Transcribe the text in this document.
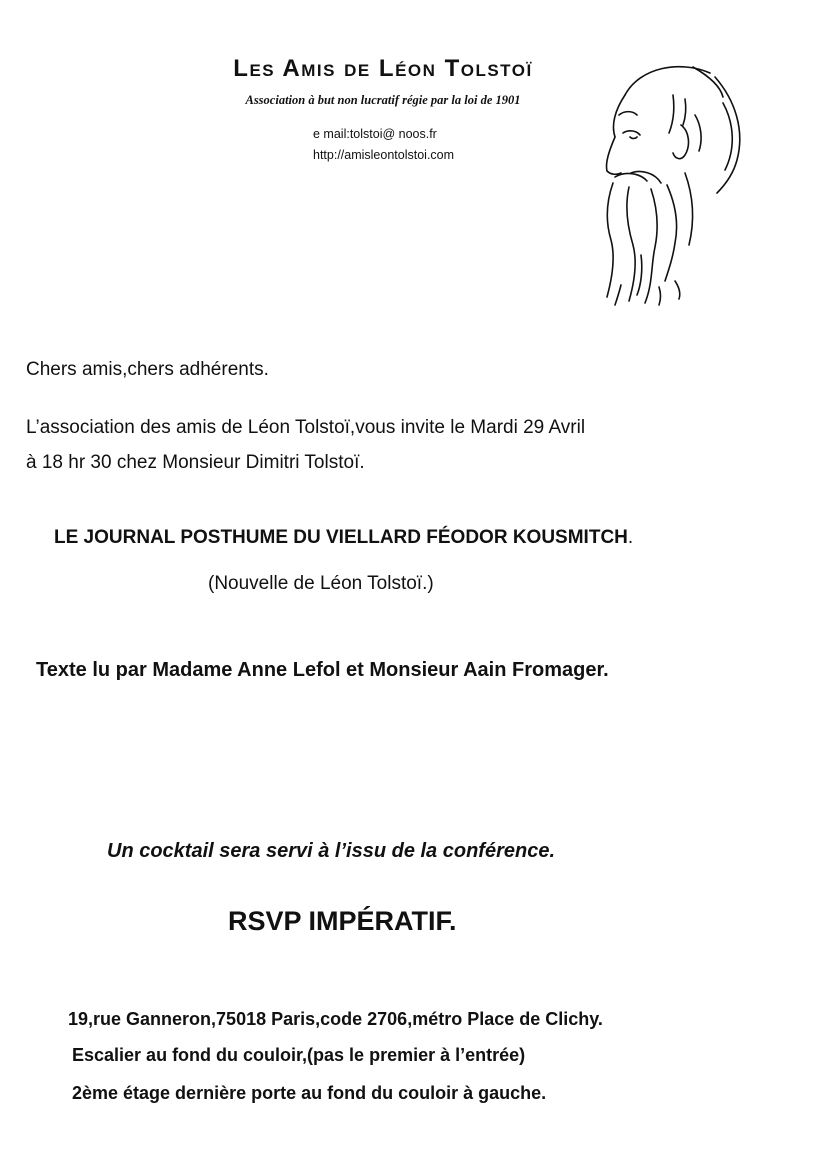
Les Amis de Léon Tolstoï
Association à but non lucratif régie par la loi de 1901
e mail:tolstoi@ noos.fr
http://amisleontolstoi.com
Chers amis,chers adhérents.
L’association des amis de Léon Tolstoï,vous invite le Mardi 29 Avril
à 18 hr 30 chez Monsieur Dimitri Tolstoï.
LE JOURNAL POSTHUME DU VIELLARD FÉODOR KOUSMITCH.
(Nouvelle de Léon Tolstoï.)
Texte lu par Madame Anne Lefol et Monsieur Aain Fromager.
Un cocktail sera servi à l’issu de la conférence.
RSVP IMPÉRATIF.
19,rue Ganneron,75018 Paris,code 2706,métro Place de Clichy.
Escalier au fond du couloir,(pas le premier à l’entrée)
2ème étage dernière porte au fond du couloir à gauche.
